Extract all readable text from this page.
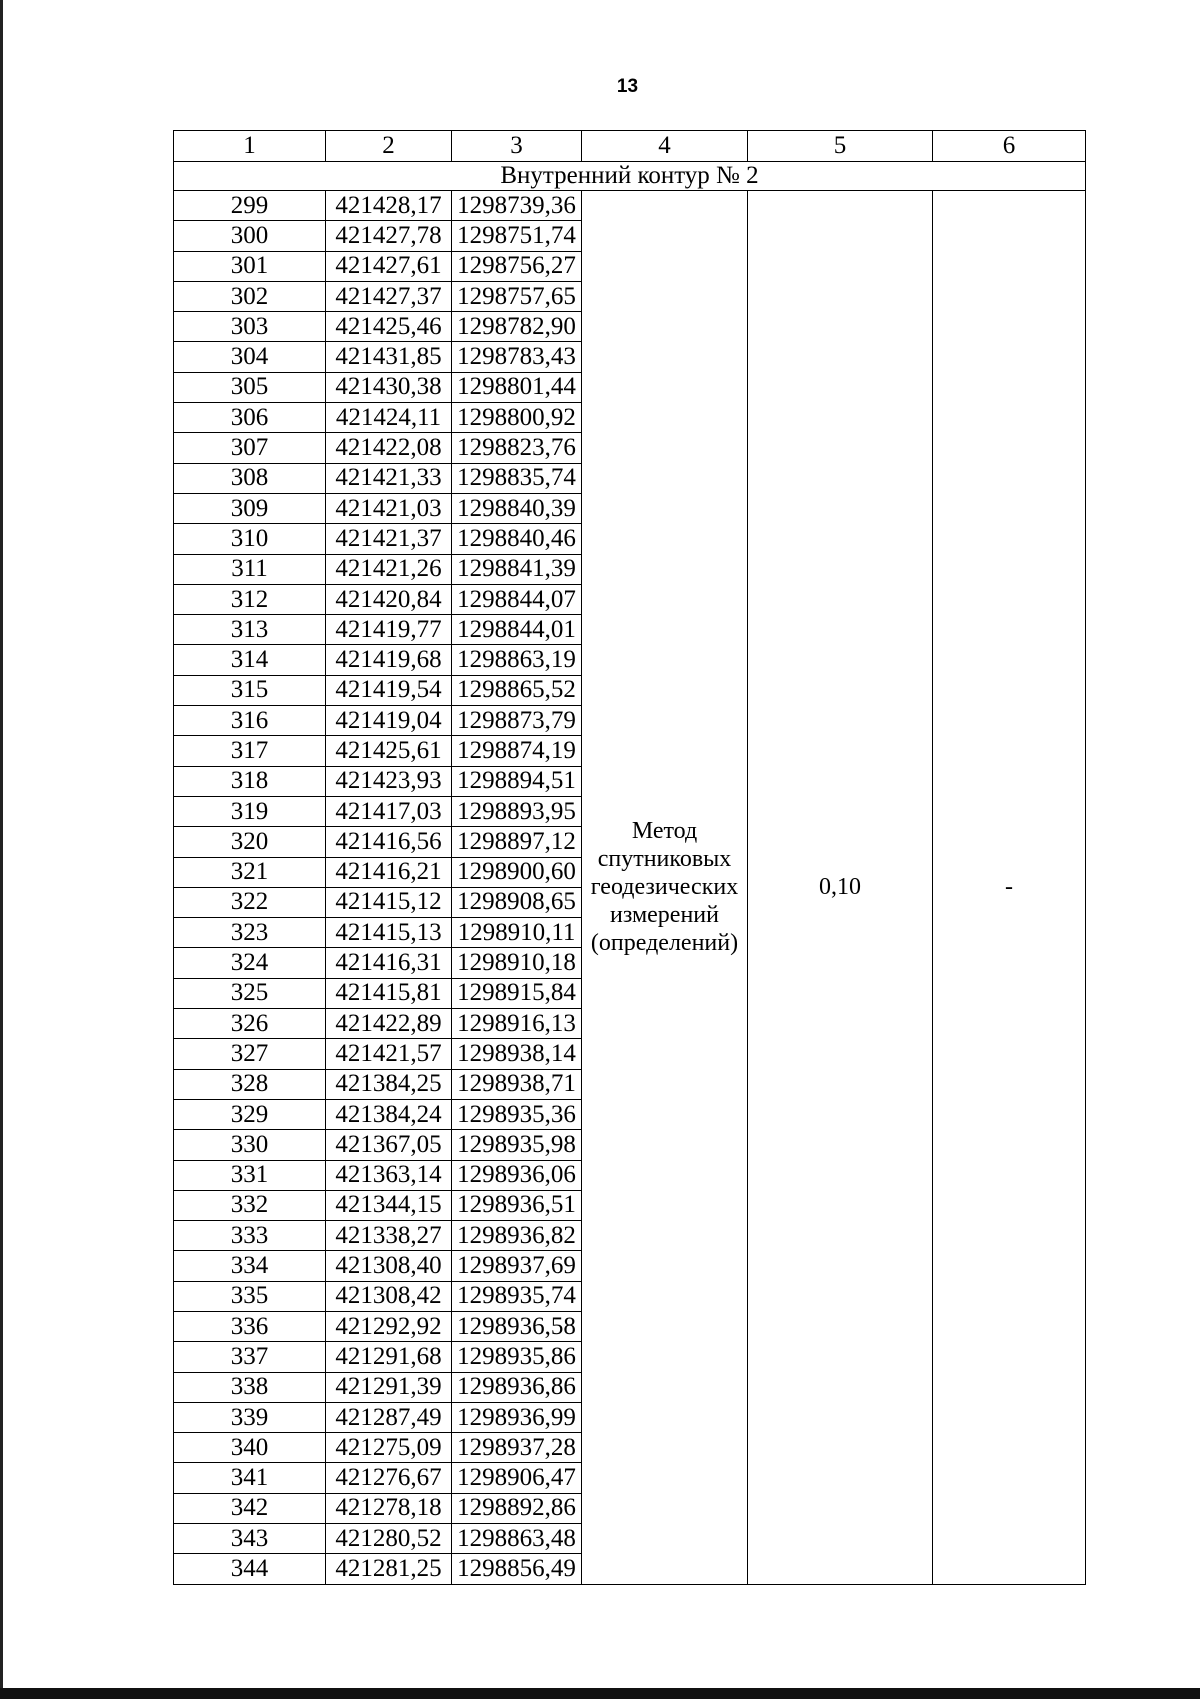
13
1	2	3	4	5	6
Внутренний контур № 2					
299	421428,17	1298739,36	Метод
спутниковых
геодезических
измерений
(определений)	0,10	-
300	421427,78	1298751,74			
301	421427,61	1298756,27			
302	421427,37	1298757,65			
303	421425,46	1298782,90			
304	421431,85	1298783,43			
305	421430,38	1298801,44			
306	421424,11	1298800,92			
307	421422,08	1298823,76			
308	421421,33	1298835,74			
309	421421,03	1298840,39			
310	421421,37	1298840,46			
311	421421,26	1298841,39			
312	421420,84	1298844,07			
313	421419,77	1298844,01			
314	421419,68	1298863,19			
315	421419,54	1298865,52			
316	421419,04	1298873,79			
317	421425,61	1298874,19			
318	421423,93	1298894,51			
319	421417,03	1298893,95			
320	421416,56	1298897,12			
321	421416,21	1298900,60			
322	421415,12	1298908,65			
323	421415,13	1298910,11			
324	421416,31	1298910,18			
325	421415,81	1298915,84			
326	421422,89	1298916,13			
327	421421,57	1298938,14			
328	421384,25	1298938,71			
329	421384,24	1298935,36			
330	421367,05	1298935,98			
331	421363,14	1298936,06			
332	421344,15	1298936,51			
333	421338,27	1298936,82			
334	421308,40	1298937,69			
335	421308,42	1298935,74			
336	421292,92	1298936,58			
337	421291,68	1298935,86			
338	421291,39	1298936,86			
339	421287,49	1298936,99			
340	421275,09	1298937,28			
341	421276,67	1298906,47			
342	421278,18	1298892,86			
343	421280,52	1298863,48			
344	421281,25	1298856,49			
